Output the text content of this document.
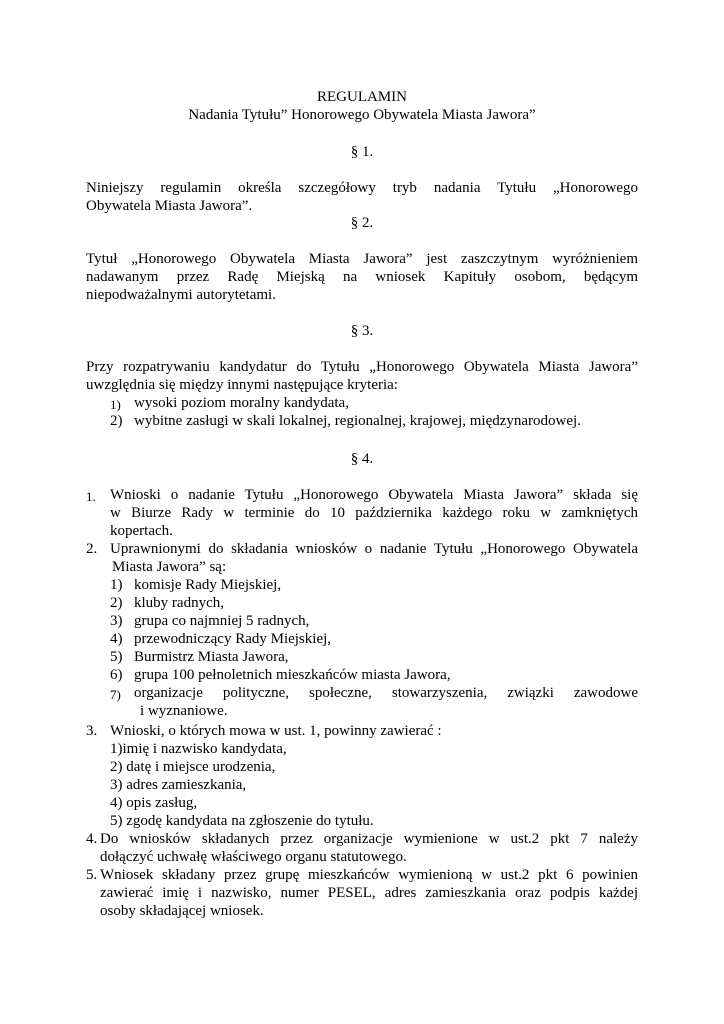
REGULAMIN
Nadania Tytułu” Honorowego Obywatela Miasta Jawora”
§ 1.
Niniejszy regulamin określa szczegółowy tryb nadania Tytułu „Honorowego
Obywatela Miasta Jawora”.
§ 2.
Tytuł „Honorowego Obywatela Miasta Jawora” jest zaszczytnym wyróżnieniem
nadawanym przez Radę Miejską na wniosek Kapituły osobom, będącym
niepodważalnymi autorytetami.
§ 3.
Przy rozpatrywaniu kandydatur do Tytułu „Honorowego Obywatela Miasta Jawora”
uwzględnia się między innymi następujące kryteria:
1) wysoki poziom moralny kandydata,
2) wybitne zasługi w skali lokalnej, regionalnej, krajowej, międzynarodowej.
§ 4.
1. Wnioski o nadanie Tytułu „Honorowego Obywatela Miasta Jawora” składa się
w Biurze Rady w terminie do 10 października każdego roku w zamkniętych
kopertach.
2. Uprawnionymi do składania wniosków o nadanie Tytułu „Honorowego Obywatela
Miasta Jawora” są:
1) komisje Rady Miejskiej,
2) kluby radnych,
3) grupa co najmniej 5 radnych,
4) przewodniczący Rady Miejskiej,
5) Burmistrz Miasta Jawora,
6) grupa 100 pełnoletnich mieszkańców miasta Jawora,
7) organizacje polityczne, społeczne, stowarzyszenia, związki zawodowe
i wyznaniowe.
3. Wnioski, o których mowa w ust. 1, powinny zawierać :
1)imię i nazwisko kandydata,
2) datę i miejsce urodzenia,
3) adres zamieszkania,
4) opis zasług,
5) zgodę kandydata na zgłoszenie do tytułu.
4. Do wniosków składanych przez organizacje wymienione w ust.2 pkt 7 należy
dołączyć uchwałę właściwego organu statutowego.
5. Wniosek składany przez grupę mieszkańców wymienioną w ust.2 pkt 6 powinien
zawierać imię i nazwisko, numer PESEL, adres zamieszkania oraz podpis każdej
osoby składającej wniosek.
